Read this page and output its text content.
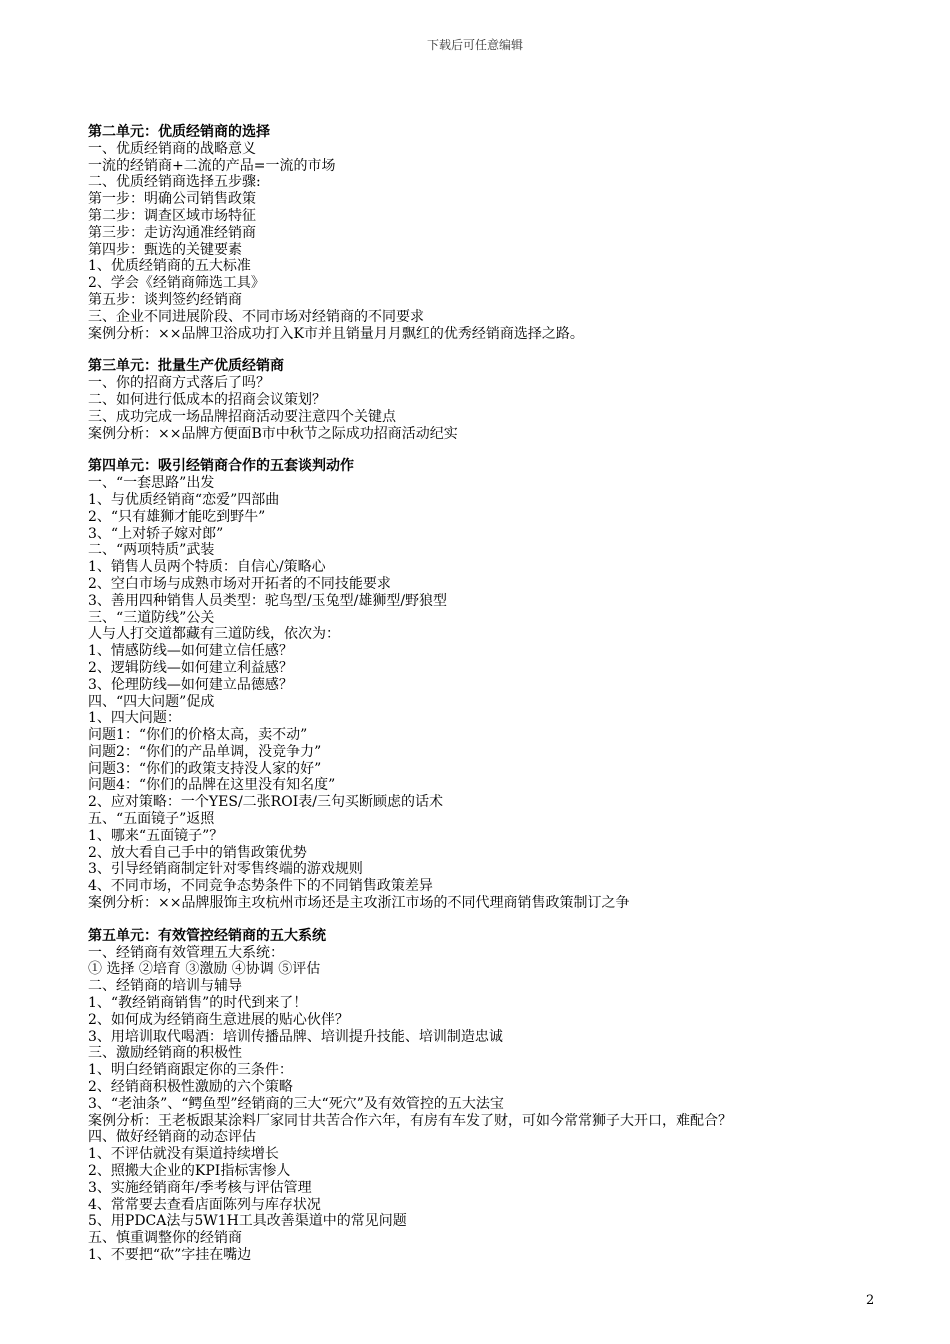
下载后可任意编辑
第二单元：优质经销商的选择
一、优质经销商的战略意义
一流的经销商+二流的产品=一流的市场
二、优质经销商选择五步骤:
第一步：明确公司销售政策
第二步：调查区域市场特征
第三步：走访沟通准经销商
第四步：甄选的关键要素
1、优质经销商的五大标准
2、学会《经销商筛选工具》
第五步：谈判签约经销商
三、企业不同进展阶段、不同市场对经销商的不同要求
案例分析：××品牌卫浴成功打入K市并且销量月月飘红的优秀经销商选择之路。
第三单元：批量生产优质经销商
一、你的招商方式落后了吗？
二、如何进行低成本的招商会议策划？
三、成功完成一场品牌招商活动要注意四个关键点
案例分析：××品牌方便面B市中秋节之际成功招商活动纪实
第四单元：吸引经销商合作的五套谈判动作
一、“一套思路”出发
1、与优质经销商“恋爱”四部曲
2、“只有雄狮才能吃到野牛”
3、“上对轿子嫁对郎”
二、“两项特质”武装
1、销售人员两个特质：自信心/策略心
2、空白市场与成熟市场对开拓者的不同技能要求
3、善用四种销售人员类型：驼鸟型/玉兔型/雄狮型/野狼型
三、“三道防线”公关
人与人打交道都藏有三道防线，依次为：
1、情感防线—如何建立信任感？
2、逻辑防线—如何建立利益感？
3、伦理防线—如何建立品德感？
四、“四大问题”促成
1、四大问题：
问题1：“你们的价格太高，卖不动”
问题2：“你们的产品单调，没竞争力”
问题3：“你们的政策支持没人家的好”
问题4：“你们的品牌在这里没有知名度”
2、应对策略：一个YES/二张ROI表/三句买断顾虑的话术
五、“五面镜子”返照
1、哪来“五面镜子”？
2、放大看自己手中的销售政策优势
3、引导经销商制定针对零售终端的游戏规则
4、不同市场，不同竞争态势条件下的不同销售政策差异
案例分析：××品牌服饰主攻杭州市场还是主攻浙江市场的不同代理商销售政策制订之争
第五单元：有效管控经销商的五大系统
一、经销商有效管理五大系统：
① 选择 ②培育 ③激励 ④协调 ⑤评估
二、经销商的培训与辅导
1、“教经销商销售”的时代到来了！
2、如何成为经销商生意进展的贴心伙伴？
3、用培训取代喝酒：培训传播品牌、培训提升技能、培训制造忠诚
三、激励经销商的积极性
1、明白经销商跟定你的三条件：
2、经销商积极性激励的六个策略
3、“老油条”、“鳄鱼型”经销商的三大“死穴”及有效管控的五大法宝
案例分析：王老板跟某涂料厂家同甘共苦合作六年，有房有车发了财，可如今常常狮子大开口，难配合？
四、做好经销商的动态评估
1、不评估就没有渠道持续增长
2、照搬大企业的KPI指标害惨人
3、实施经销商年/季考核与评估管理
4、常常要去查看店面陈列与库存状况
5、用PDCA法与5W1H工具改善渠道中的常见问题
五、慎重调整你的经销商
1、不要把“砍”字挂在嘴边
2
